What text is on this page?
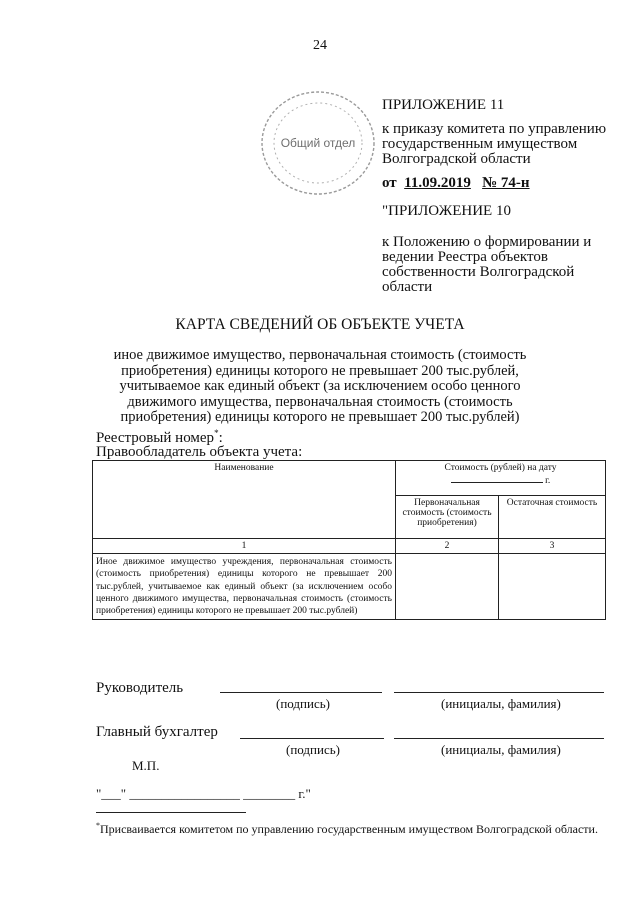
24
Общий отдел
ПРИЛОЖЕНИЕ 11
к приказу комитета по управлению государственным имуществом Волгоградской области
от 11.09.2019 № 74-н
"ПРИЛОЖЕНИЕ 10
к Положению о формировании и ведении Реестра объектов собственности Волгоградской области
КАРТА СВЕДЕНИЙ ОБ ОБЪЕКТЕ УЧЕТА
иное движимое имущество, первоначальная стоимость (стоимость приобретения) единицы которого не превышает 200 тыс.рублей, учитываемое как единый объект (за исключением особо ценного движимого имущества, первоначальная стоимость (стоимость приобретения) единицы которого не превышает 200 тыс.рублей)
Реестровый номер*:
Правообладатель объекта учета:
Наименование	Стоимость (рублей) на дату
г.	
	Первоначальная стоимость (стоимость приобретения)	Остаточная стоимость
1	2	3
Иное движимое имущество учреждения, первоначальная стоимость (стоимость приобретения) единицы которого не превышает 200 тыс.рублей, учитываемое как единый объект (за исключением особо ценного движимого имущества, первоначальная стоимость (стоимость приобретения) единицы которого не превышает 200 тыс.рублей)		
Руководитель
(подпись)	(инициалы, фамилия)
Главный бухгалтер
(подпись)	(инициалы, фамилия)
М.П.
"___" _________________ ________ г."
*Присваивается комитетом по управлению государственным имуществом Волгоградской области.
